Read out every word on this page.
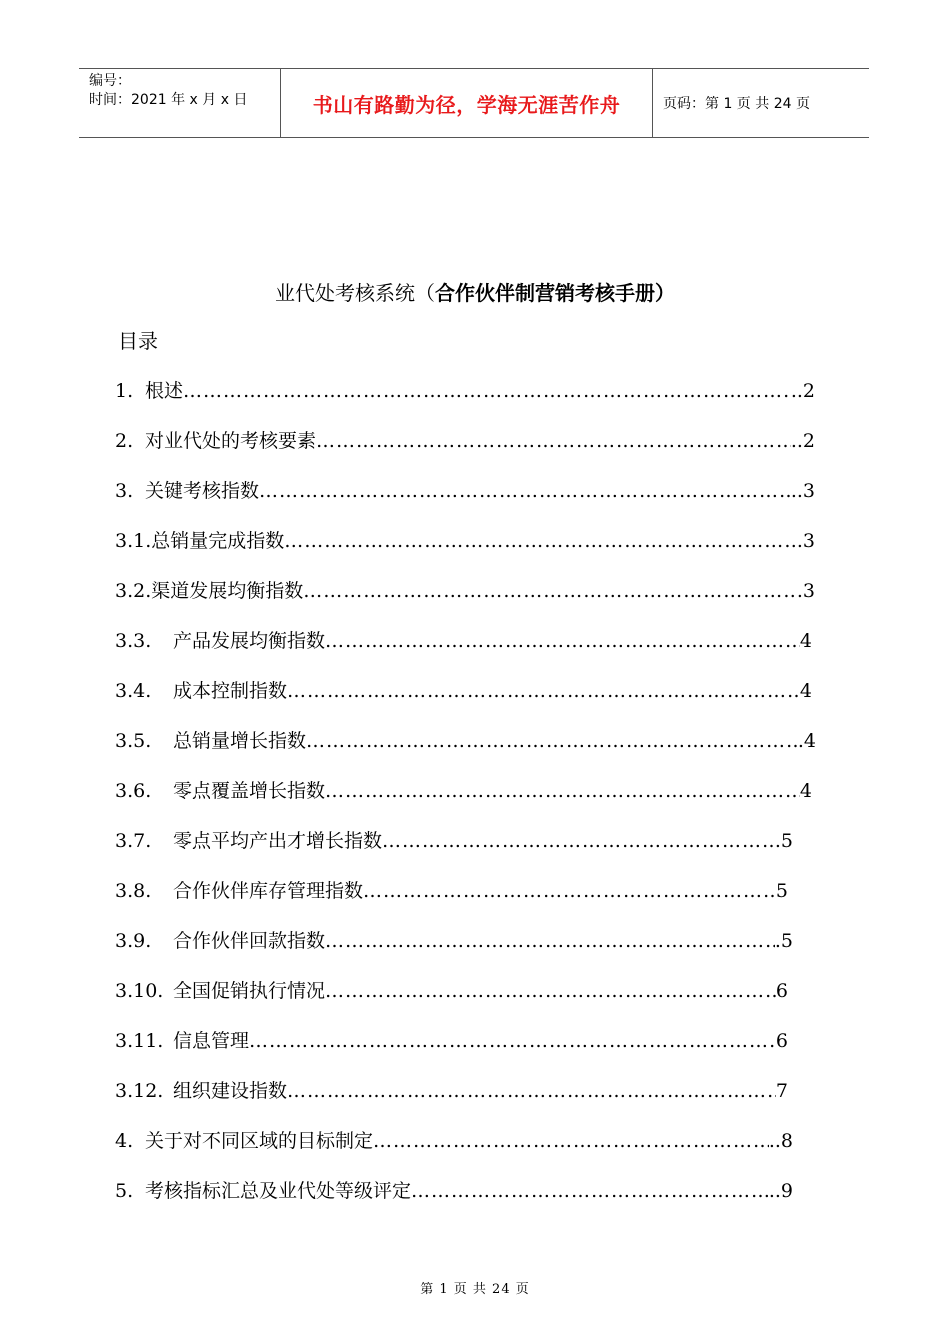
编号：
时间：2021 年 x 月 x 日	书山有路勤为径，学海无涯苦作舟	页码：第 1 页 共 24 页
业代处考核系统（合作伙伴制营销考核手册）
目录
1. 根述 …………………………………………………………………………………………………………………………………………………………………………	..2
2. 对业代处的考核要素 …………………………………………………………………………………………………………………………………………………………………………	..2
3. 关键考核指数 …………………………………………………………………………………………………………………………………………………………………………	..3
3.1. 总销量完成指数 …………………………………………………………………………………………………………………………………………………………………………	.3
3.2. 渠道发展均衡指数 …………………………………………………………………………………………………………………………………………………………………………	.3
3.3.	产品发展均衡指数 …………………………………………………………………………………………………………………………………………………………………………	4
3.4.	成本控制指数 …………………………………………………………………………………………………………………………………………………………………………	4
3.5.	总销量增长指数 …………………………………………………………………………………………………………………………………………………………………………	.4
3.6.	零点覆盖增长指数 …………………………………………………………………………………………………………………………………………………………………………	4
3.7.	零点平均产出才增长指数 …………………………………………………………………………………………………………………………………………………………………………	.5
3.8.	合作伙伴库存管理指数 …………………………………………………………………………………………………………………………………………………………………………	5
3.9.	合作伙伴回款指数 …………………………………………………………………………………………………………………………………………………………………………	.5
3.10. 全国促销执行情况 …………………………………………………………………………………………………………………………………………………………………………	6
3.11. 信息管理 …………………………………………………………………………………………………………………………………………………………………………	6
3.12. 组织建设指数 …………………………………………………………………………………………………………………………………………………………………………	7
4. 关于对不同区域的目标制定 …………………………………………………………………………………………………………………………………………………………………………	..8
5. 考核指标汇总及业代处等级评定 …………………………………………………………………………………………………………………………………………………………………………	..9
第 1 页 共 24 页
